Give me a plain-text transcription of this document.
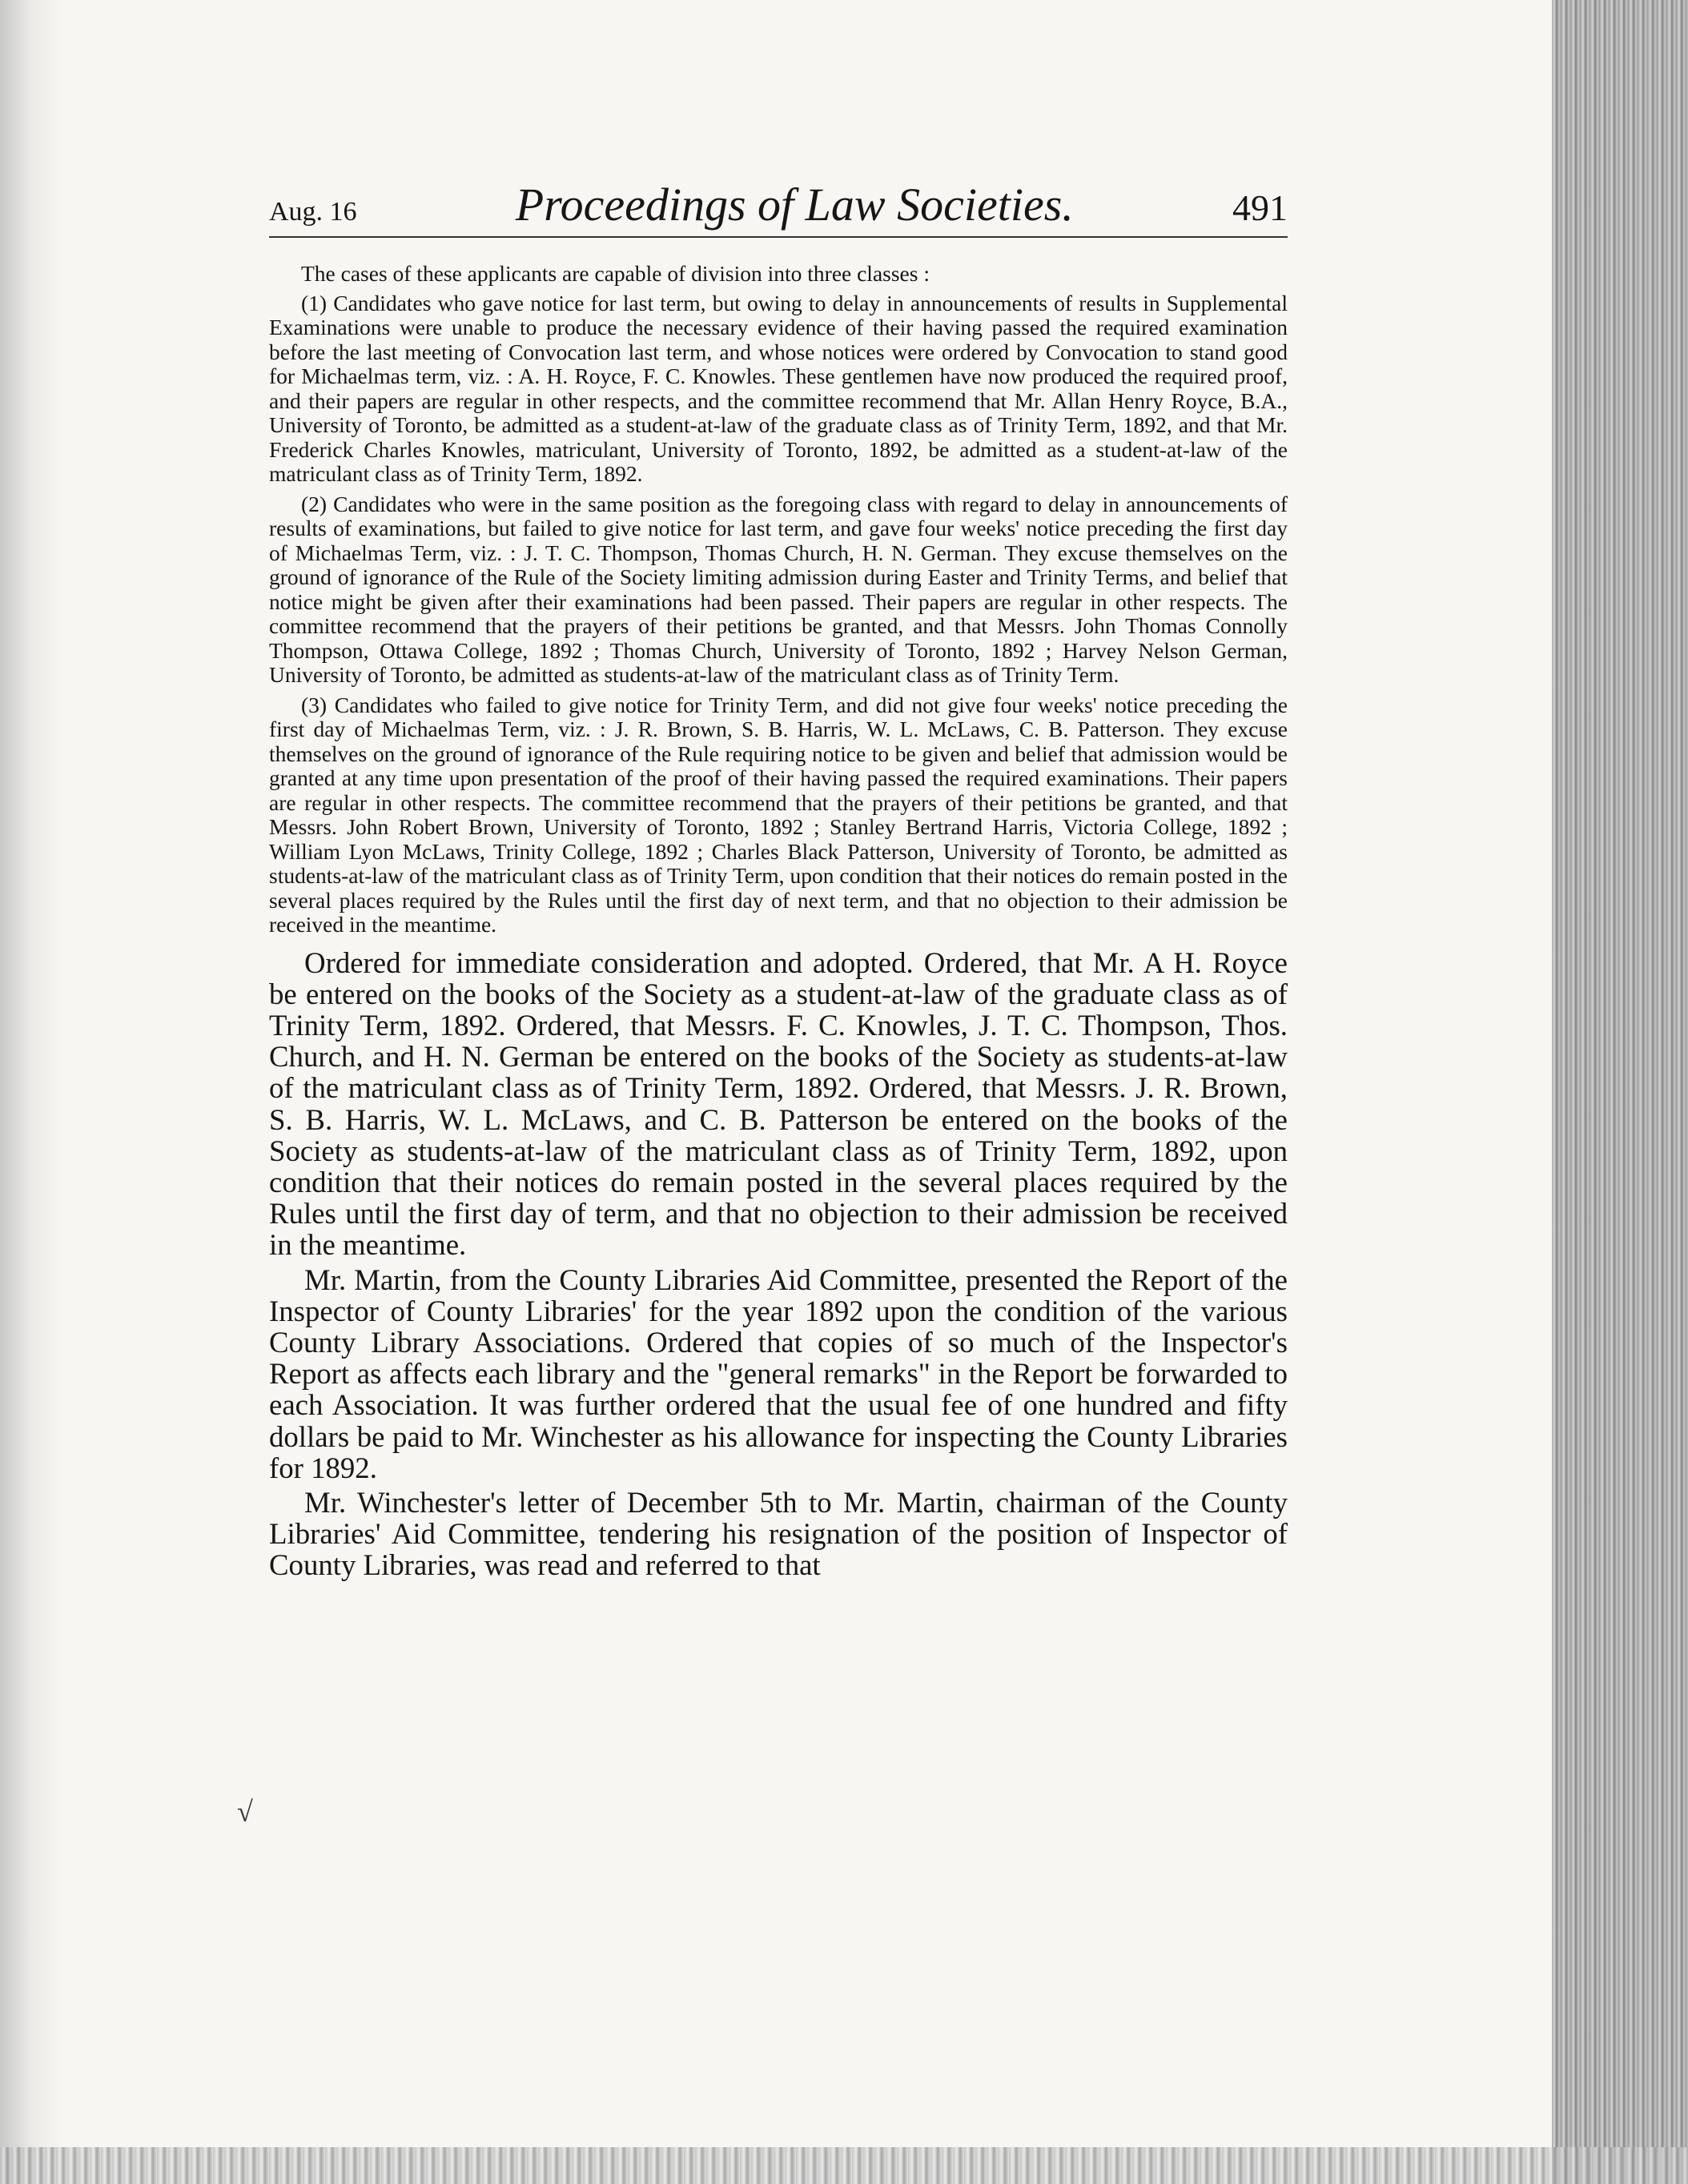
Aug. 16	Proceedings of Law Societies.	491

The cases of these applicants are capable of division into three classes :

(1) Candidates who gave notice for last term, but owing to delay in announcements of results in Supplemental Examinations were unable to produce the necessary evidence of their having passed the required examination before the last meeting of Convocation last term, and whose notices were ordered by Convocation to stand good for Michaelmas term, viz. : A. H. Royce, F. C. Knowles. These gentlemen have now produced the required proof, and their papers are regular in other respects, and the committee recommend that Mr. Allan Henry Royce, B.A., University of Toronto, be admitted as a student-at-law of the graduate class as of Trinity Term, 1892, and that Mr. Frederick Charles Knowles, matriculant, University of Toronto, 1892, be admitted as a student-at-law of the matriculant class as of Trinity Term, 1892.

(2) Candidates who were in the same position as the foregoing class with regard to delay in announcements of results of examinations, but failed to give notice for last term, and gave four weeks' notice preceding the first day of Michaelmas Term, viz. : J. T. C. Thompson, Thomas Church, H. N. German. They excuse themselves on the ground of ignorance of the Rule of the Society limiting admission during Easter and Trinity Terms, and belief that notice might be given after their examinations had been passed. Their papers are regular in other respects. The committee recommend that the prayers of their petitions be granted, and that Messrs. John Thomas Connolly Thompson, Ottawa College, 1892 ; Thomas Church, University of Toronto, 1892 ; Harvey Nelson German, University of Toronto, be admitted as students-at-law of the matriculant class as of Trinity Term.

(3) Candidates who failed to give notice for Trinity Term, and did not give four weeks' notice preceding the first day of Michaelmas Term, viz. : J. R. Brown, S. B. Harris, W. L. McLaws, C. B. Patterson. They excuse themselves on the ground of ignorance of the Rule requiring notice to be given and belief that admission would be granted at any time upon presentation of the proof of their having passed the required examinations. Their papers are regular in other respects. The committee recommend that the prayers of their petitions be granted, and that Messrs. John Robert Brown, University of Toronto, 1892 ; Stanley Bertrand Harris, Victoria College, 1892 ; William Lyon McLaws, Trinity College, 1892 ; Charles Black Patterson, University of Toronto, be admitted as students-at-law of the matriculant class as of Trinity Term, upon condition that their notices do remain posted in the several places required by the Rules until the first day of next term, and that no objection to their admission be received in the meantime.

Ordered for immediate consideration and adopted. Ordered, that Mr. A H. Royce be entered on the books of the Society as a student-at-law of the graduate class as of Trinity Term, 1892. Ordered, that Messrs. F. C. Knowles, J. T. C. Thompson, Thos. Church, and H. N. German be entered on the books of the Society as students-at-law of the matriculant class as of Trinity Term, 1892. Ordered, that Messrs. J. R. Brown, S. B. Harris, W. L. McLaws, and C. B. Patterson be entered on the books of the Society as students-at-law of the matriculant class as of Trinity Term, 1892, upon condition that their notices do remain posted in the several places required by the Rules until the first day of term, and that no objection to their admission be received in the meantime.

Mr. Martin, from the County Libraries Aid Committee, presented the Report of the Inspector of County Libraries' for the year 1892 upon the condition of the various County Library Associations. Ordered that copies of so much of the Inspector's Report as affects each library and the "general remarks" in the Report be forwarded to each Association. It was further ordered that the usual fee of one hundred and fifty dollars be paid to Mr. Winchester as his allowance for inspecting the County Libraries for 1892.

Mr. Winchester's letter of December 5th to Mr. Martin, chairman of the County Libraries' Aid Committee, tendering his resignation of the position of Inspector of County Libraries, was read and referred to that

√
